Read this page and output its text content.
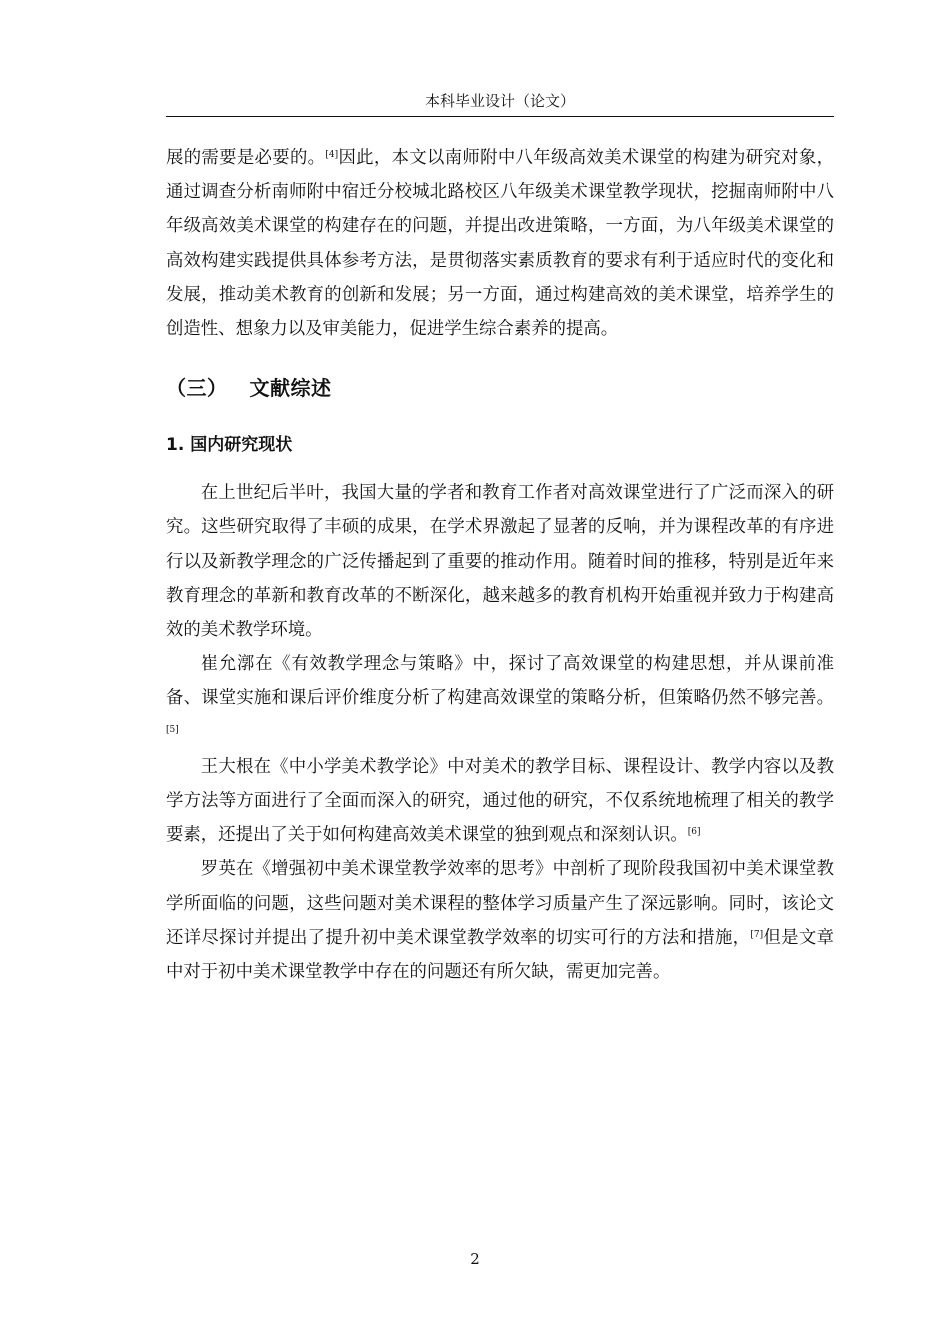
本科毕业设计（论文）

展的需要是必要的。[4]因此，本文以南师附中八年级高效美术课堂的构建为研究对象，通过调查分析南师附中宿迁分校城北路校区八年级美术课堂教学现状，挖掘南师附中八年级高效美术课堂的构建存在的问题，并提出改进策略，一方面，为八年级美术课堂的高效构建实践提供具体参考方法，是贯彻落实素质教育的要求有利于适应时代的变化和发展，推动美术教育的创新和发展；另一方面，通过构建高效的美术课堂，培养学生的创造性、想象力以及审美能力，促进学生综合素养的提高。

（三） 文献综述
1. 国内研究现状

在上世纪后半叶，我国大量的学者和教育工作者对高效课堂进行了广泛而深入的研究。这些研究取得了丰硕的成果，在学术界激起了显著的反响，并为课程改革的有序进行以及新教学理念的广泛传播起到了重要的推动作用。随着时间的推移，特别是近年来教育理念的革新和教育改革的不断深化，越来越多的教育机构开始重视并致力于构建高效的美术教学环境。

崔允漷在《有效教学理念与策略》中，探讨了高效课堂的构建思想，并从课前准备、课堂实施和课后评价维度分析了构建高效课堂的策略分析，但策略仍然不够完善。[5]

王大根在《中小学美术教学论》中对美术的教学目标、课程设计、教学内容以及教学方法等方面进行了全面而深入的研究，通过他的研究，不仅系统地梳理了相关的教学要素，还提出了关于如何构建高效美术课堂的独到观点和深刻认识。[6]

罗英在《增强初中美术课堂教学效率的思考》中剖析了现阶段我国初中美术课堂教学所面临的问题，这些问题对美术课程的整体学习质量产生了深远影响。同时，该论文还详尽探讨并提出了提升初中美术课堂教学效率的切实可行的方法和措施，[7]但是文章中对于初中美术课堂教学中存在的问题还有所欠缺，需更加完善。

2
